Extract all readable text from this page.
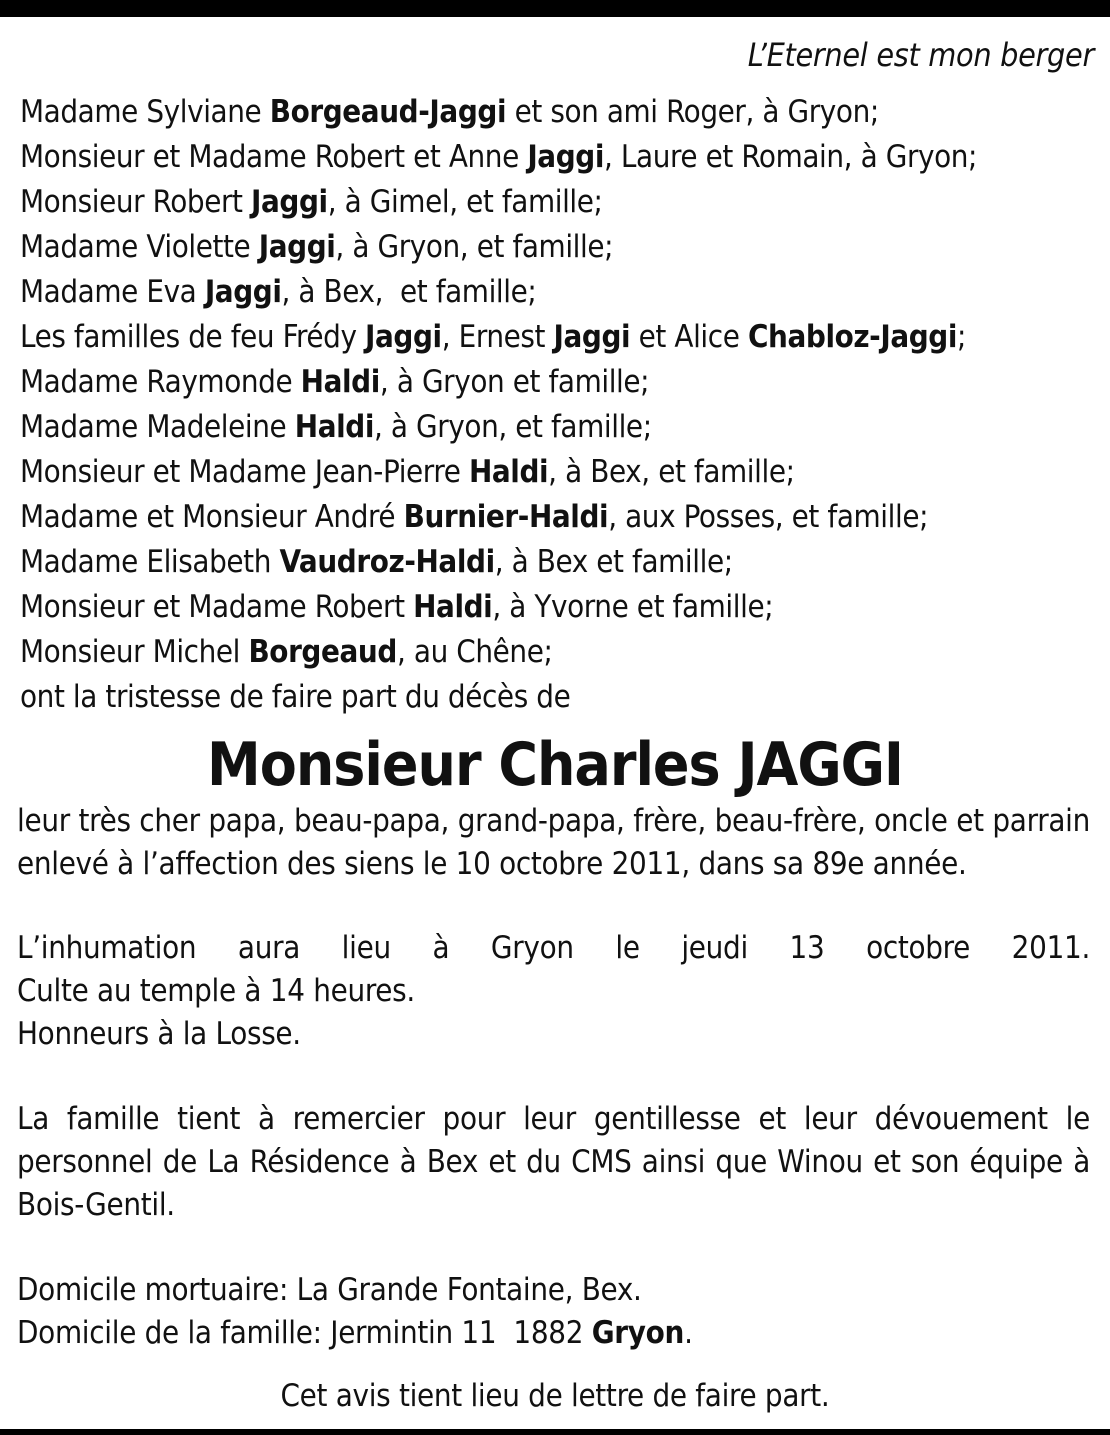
L’Eternel est mon berger
Madame Sylviane Borgeaud-Jaggi et son ami Roger, à Gryon;
Monsieur et Madame Robert et Anne Jaggi, Laure et Romain, à Gryon;
Monsieur Robert Jaggi, à Gimel, et famille;
Madame Violette Jaggi, à Gryon, et famille;
Madame Eva Jaggi, à Bex,  et famille;
Les familles de feu Frédy Jaggi, Ernest Jaggi et Alice Chabloz-Jaggi;
Madame Raymonde Haldi, à Gryon et famille;
Madame Madeleine Haldi, à Gryon, et famille;
Monsieur et Madame Jean-Pierre Haldi, à Bex, et famille;
Madame et Monsieur André Burnier-Haldi, aux Posses, et famille;
Madame Elisabeth Vaudroz-Haldi, à Bex et famille;
Monsieur et Madame Robert Haldi, à Yvorne et famille;
Monsieur Michel Borgeaud, au Chêne;
ont la tristesse de faire part du décès de
Monsieur Charles JAGGI

leur très cher papa, beau-papa, grand-papa, frère, beau-frère, oncle et parrain enlevé à l’affection des siens le 10 octobre 2011, dans sa 89e année.

L’inhumation aura lieu à Gryon le jeudi 13 octobre 2011.
Culte au temple à 14 heures.
Honneurs à la Losse.

La famille tient à remercier pour leur gentillesse et leur dévouement le personnel de La Résidence à Bex et du CMS ainsi que Winou et son équipe à Bois-Gentil.

Domicile mortuaire: La Grande Fontaine, Bex.
Domicile de la famille: Jermintin 11  1882 Gryon.
Cet avis tient lieu de lettre de faire part.
